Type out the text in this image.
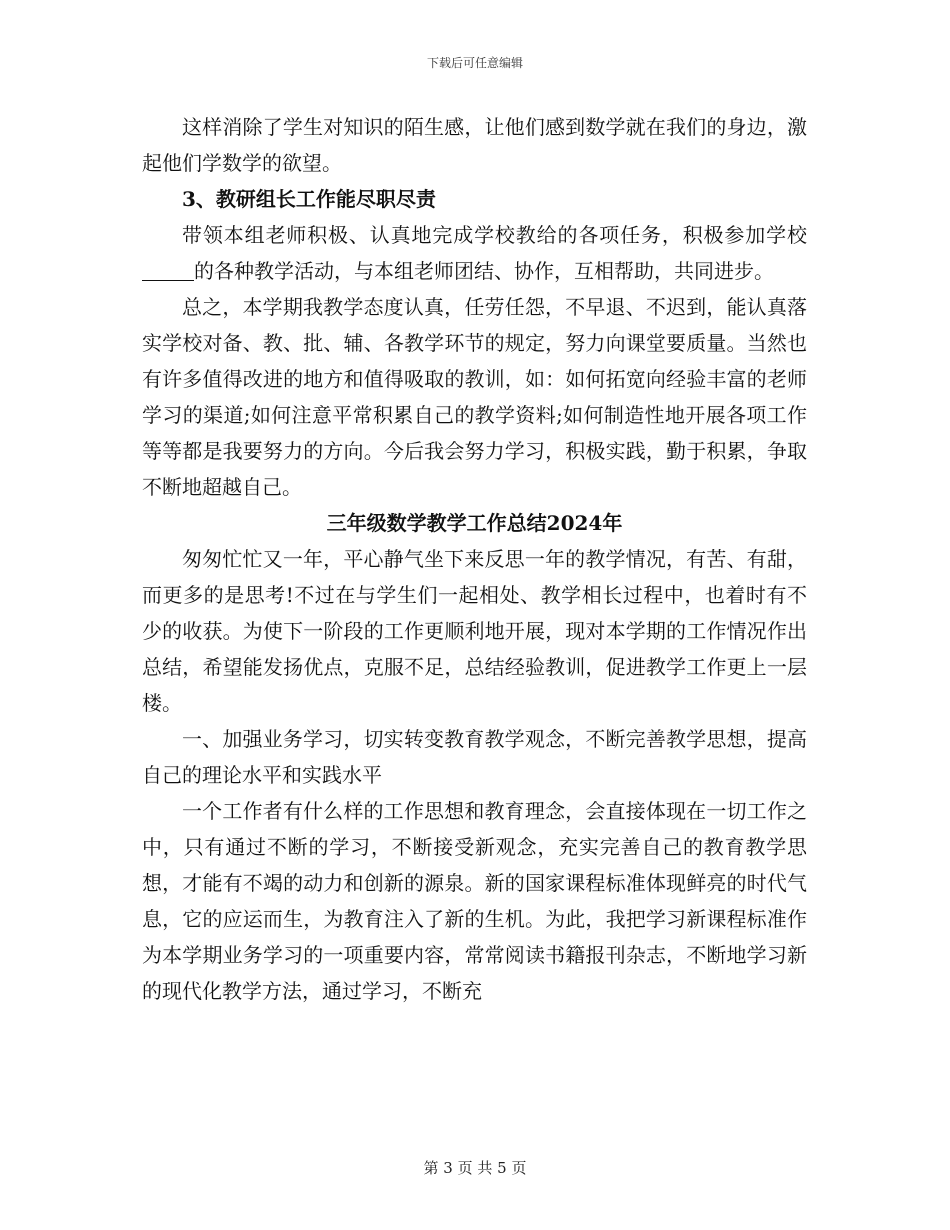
下载后可任意编辑

这样消除了学生对知识的陌生感，让他们感到数学就在我们的身边，激起他们学数学的欲望。

3、教研组长工作能尽职尽责

带领本组老师积极、认真地完成学校教给的各项任务，积极参加学校的各种教学活动，与本组老师团结、协作，互相帮助，共同进步。

总之，本学期我教学态度认真，任劳任怨，不早退、不迟到，能认真落实学校对备、教、批、辅、各教学环节的规定，努力向课堂要质量。当然也有许多值得改进的地方和值得吸取的教训，如：如何拓宽向经验丰富的老师学习的渠道;如何注意平常积累自己的教学资料;如何制造性地开展各项工作等等都是我要努力的方向。今后我会努力学习，积极实践，勤于积累，争取不断地超越自己。

三年级数学教学工作总结2024年

匆匆忙忙又一年，平心静气坐下来反思一年的教学情况，有苦、有甜，而更多的是思考!不过在与学生们一起相处、教学相长过程中，也着时有不少的收获。为使下一阶段的工作更顺利地开展，现对本学期的工作情况作出总结，希望能发扬优点，克服不足，总结经验教训，促进教学工作更上一层楼。

一、加强业务学习，切实转变教育教学观念，不断完善教学思想，提高自己的理论水平和实践水平

一个工作者有什么样的工作思想和教育理念，会直接体现在一切工作之中，只有通过不断的学习，不断接受新观念，充实完善自己的教育教学思想，才能有不竭的动力和创新的源泉。新的国家课程标准体现鲜亮的时代气息，它的应运而生，为教育注入了新的生机。为此，我把学习新课程标准作为本学期业务学习的一项重要内容，常常阅读书籍报刊杂志，不断地学习新的现代化教学方法，通过学习，不断充

第 3 页 共 5 页
